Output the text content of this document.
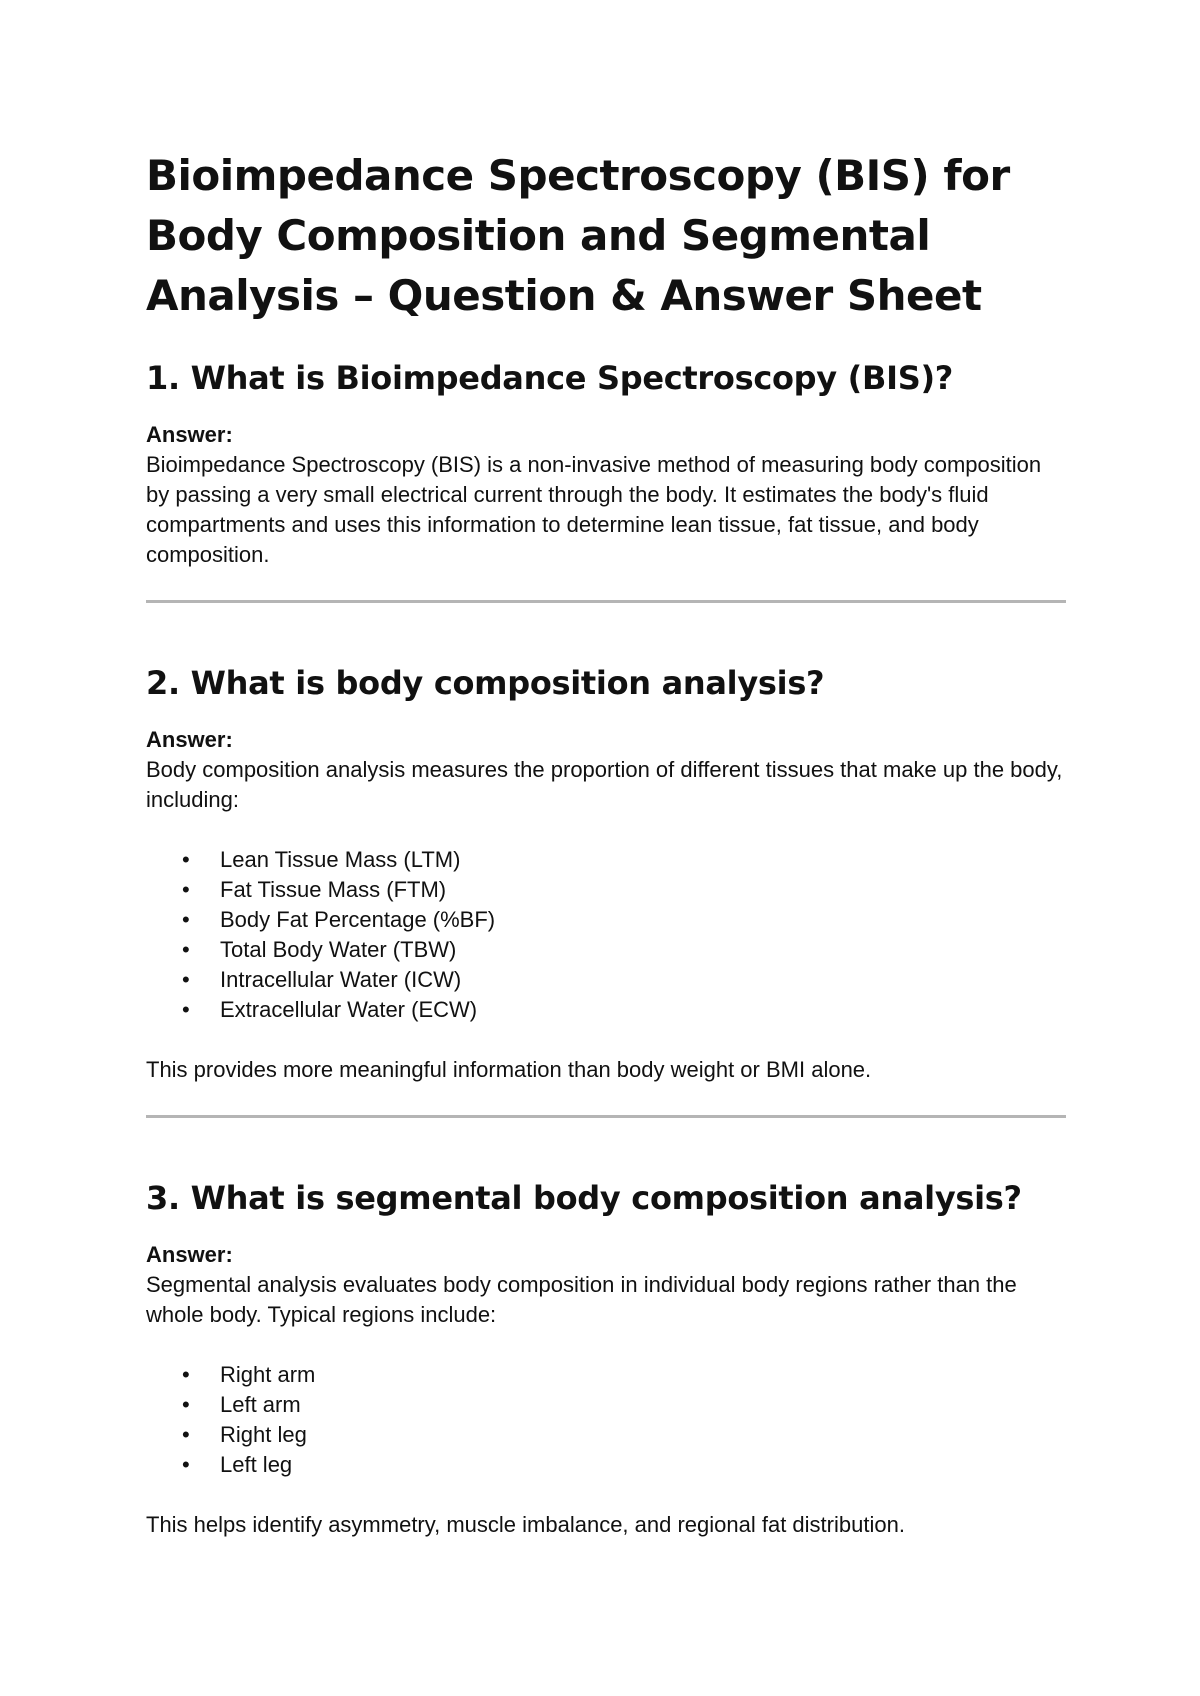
Bioimpedance Spectroscopy (BIS) for Body Composition and Segmental Analysis – Question & Answer Sheet
1. What is Bioimpedance Spectroscopy (BIS)?

Answer:

Bioimpedance Spectroscopy (BIS) is a non-invasive method of measuring body composition by passing a very small electrical current through the body. It estimates the body's fluid compartments and uses this information to determine lean tissue, fat tissue, and body composition.

2. What is body composition analysis?

Answer:

Body composition analysis measures the proportion of different tissues that make up the body, including:

• Lean Tissue Mass (LTM)
• Fat Tissue Mass (FTM)
• Body Fat Percentage (%BF)
• Total Body Water (TBW)
• Intracellular Water (ICW)
• Extracellular Water (ECW)

This provides more meaningful information than body weight or BMI alone.

3. What is segmental body composition analysis?

Answer:

Segmental analysis evaluates body composition in individual body regions rather than the whole body. Typical regions include:

• Right arm
• Left arm
• Right leg
• Left leg

This helps identify asymmetry, muscle imbalance, and regional fat distribution.
